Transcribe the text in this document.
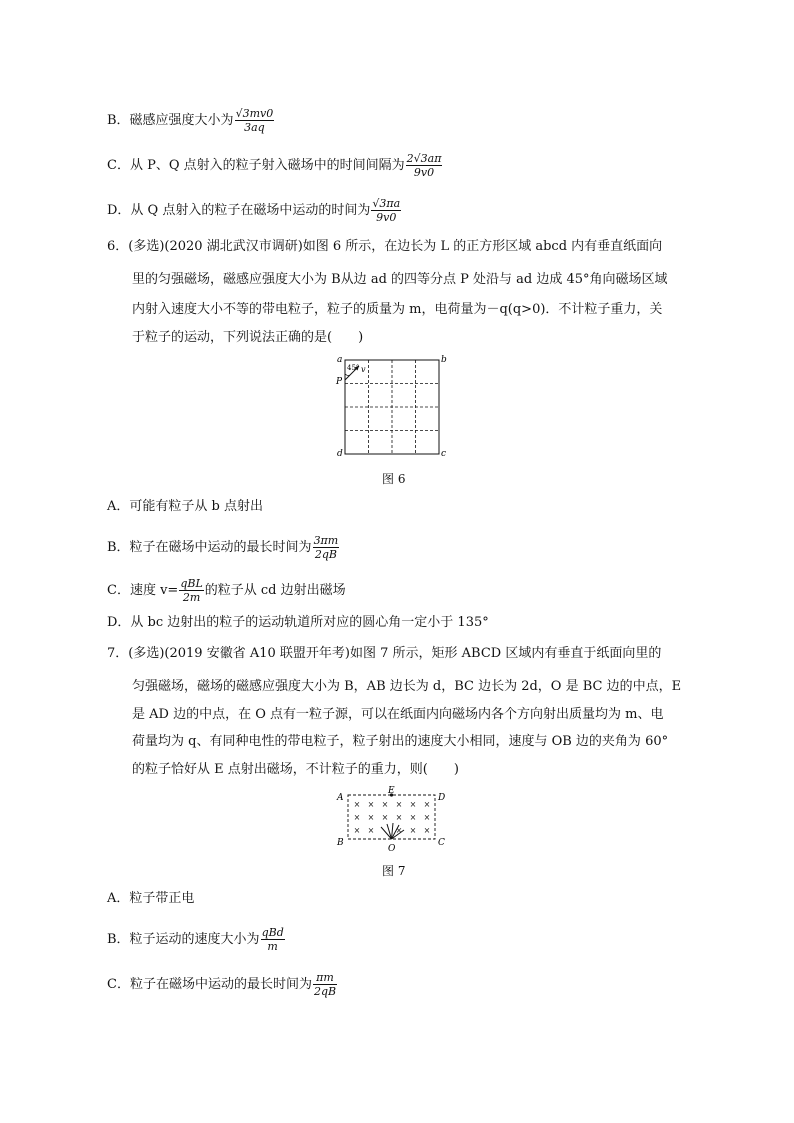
B．磁感应强度大小为 $\frac{√3mv0}{3aq}$
C．从 P、Q 点射入的粒子射入磁场中的时间间隔为 $\frac{2√3a\pi}{9v0}$
D．从 Q 点射入的粒子在磁场中运动的时间为 $\frac{√3\pi a}{9v0}$
6．(多选)(2020 湖北武汉市调研)如图 6 所示，在边长为 L 的正方形区域 abcd 内有垂直纸面向
里的匀强磁场，磁感应强度大小为 B从边 ad 的四等分点 P 处沿与 ad 边成 45°角向磁场区域
内射入速度大小不等的带电粒子，粒子的质量为 m，电荷量为－q(q>0)．不计粒子重力，关
于粒子的运动，下列说法正确的是(　　)
a	b
c
d
P
45° v
图 6
A．可能有粒子从 b 点射出
B．粒子在磁场中运动的最长时间为 $\frac{3\pi m}{2qB}$
C．速度 $v= \frac{\text{qBL}}{2m}$ 的粒子从 cd 边射出磁场
D．从 bc 边射出的粒子的运动轨道所对应的圆心角一定小于 135°
7．(多选)(2019 安徽省 A10 联盟开年考)如图 7 所示，矩形 ABCD 区域内有垂直于纸面向里的
匀强磁场，磁场的磁感应强度大小为 B，AB 边长为 d，BC 边长为 2d，O 是 BC 边的中点，E
是 AD 边的中点，在 O 点有一粒子源，可以在纸面内向磁场内各个方向射出质量均为 m、电
荷量均为 q、有同种电性的带电粒子，粒子射出的速度大小相同，速度与 OB 边的夹角为 60°
的粒子恰好从 E 点射出磁场，不计粒子的重力，则(　　)
× × × × × ×
× × × × × ×
× ×	× × ×
A
B	C
D
E
O
图 7
A．粒子带正电
B．粒子运动的速度大小为 $\frac{\text{qBd}}{m}$
C．粒子在磁场中运动的最长时间为 $\frac{\pi m}{2qB}$
